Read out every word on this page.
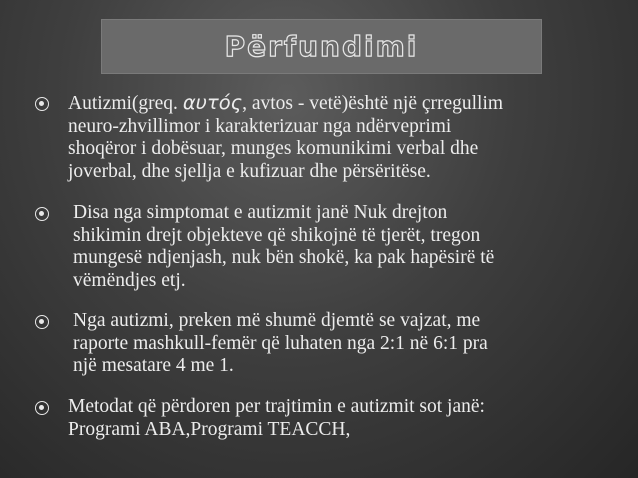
Përfundimi
Autizmi(greq. αυτός, avtos - vetë)është një çrregullim
neuro-zhvillimor i karakterizuar nga ndërveprimi
shoqëror i dobësuar, munges komunikimi verbal dhe
joverbal, dhe sjellja e kufizuar dhe përsëritëse.
Disa nga simptomat e autizmit janë Nuk drejton
shikimin drejt objekteve që shikojnë të tjerët, tregon
mungesë ndjenjash, nuk bën shokë, ka pak hapësirë të
vëmëndjes etj.
Nga autizmi, preken më shumë djemtë se vajzat, me
raporte mashkull-femër që luhaten nga 2:1 në 6:1 pra
një mesatare 4 me 1.
Metodat që përdoren per trajtimin e autizmit sot janë:
Programi ABA,Programi TEACCH,
